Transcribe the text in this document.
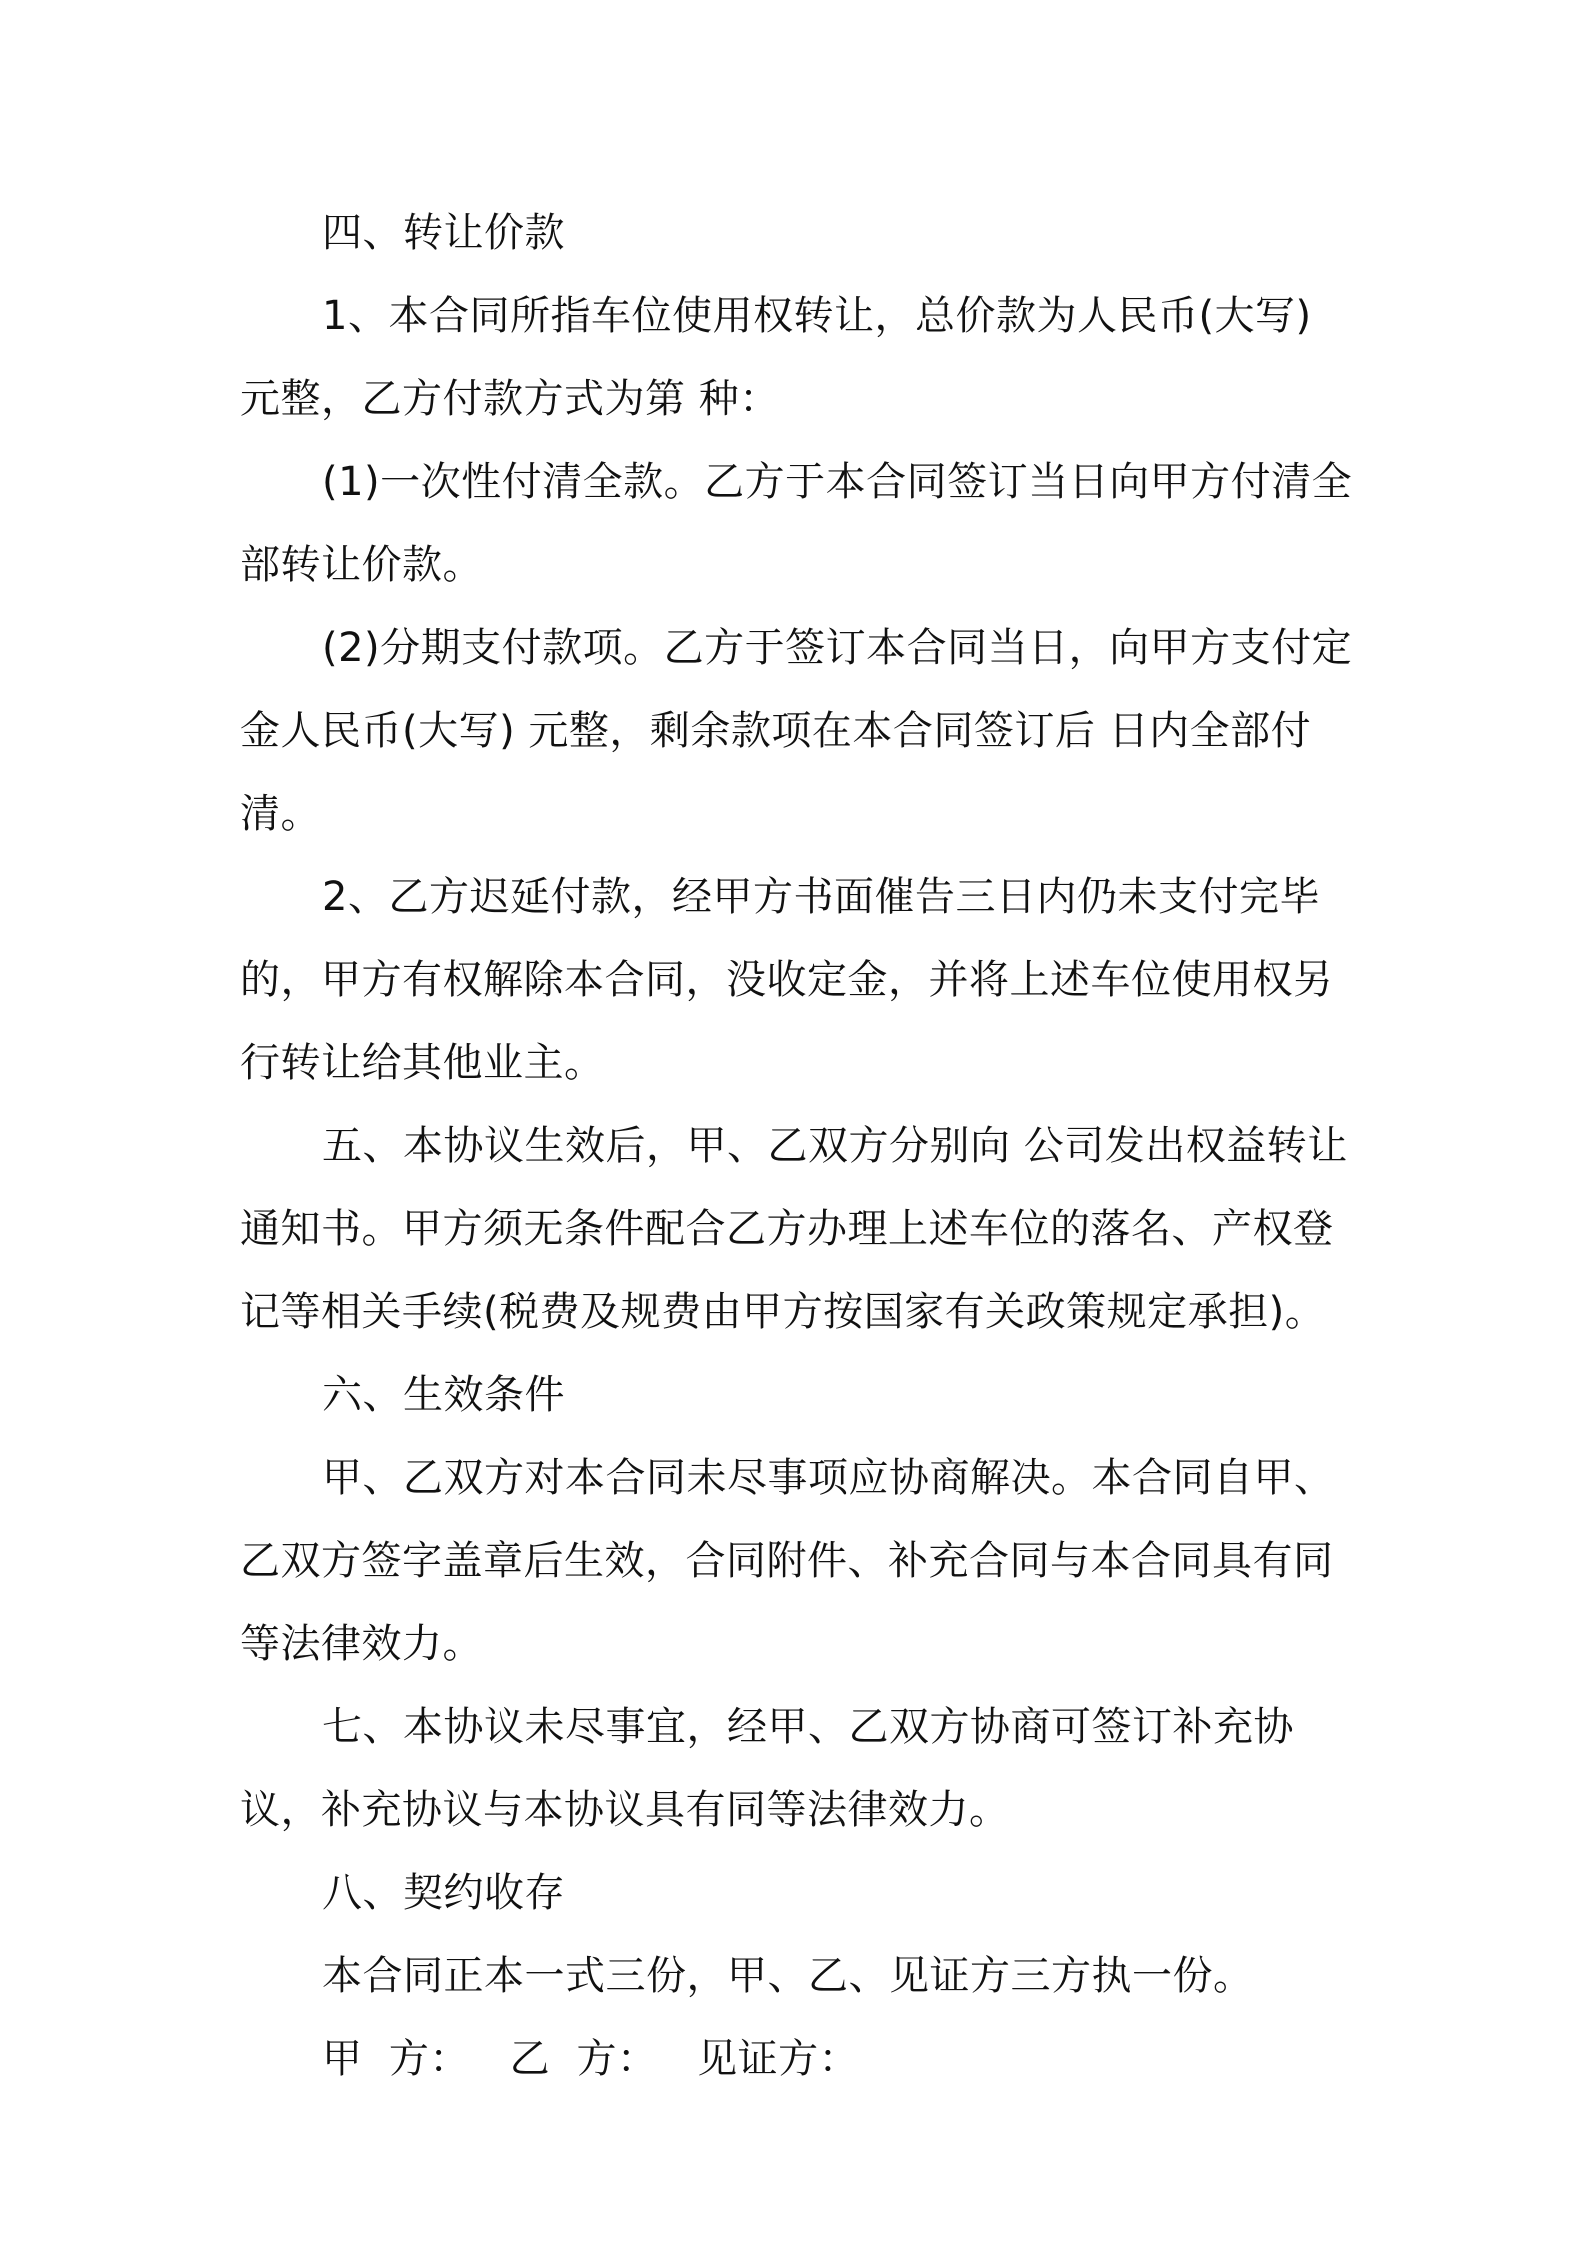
四、转让价款

1、本合同所指车位使用权转让，总价款为人民币(大写) 元整，乙方付款方式为第 种：

(1)一次性付清全款。乙方于本合同签订当日向甲方付清全部转让价款。

(2)分期支付款项。乙方于签订本合同当日，向甲方支付定金人民币(大写) 元整，剩余款项在本合同签订后 日内全部付清。

2、乙方迟延付款，经甲方书面催告三日内仍未支付完毕的，甲方有权解除本合同，没收定金，并将上述车位使用权另行转让给其他业主。

五、本协议生效后，甲、乙双方分别向 公司发出权益转让通知书。甲方须无条件配合乙方办理上述车位的落名、产权登记等相关手续(税费及规费由甲方按国家有关政策规定承担)。

六、生效条件

甲、乙双方对本合同未尽事项应协商解决。本合同自甲、乙双方签字盖章后生效，合同附件、补充合同与本合同具有同等法律效力。

七、本协议未尽事宜，经甲、乙双方协商可签订补充协议，补充协议与本协议具有同等法律效力。

八、契约收存

本合同正本一式三份，甲、乙、见证方三方执一份。

甲  方：   乙  方：   见证方：
